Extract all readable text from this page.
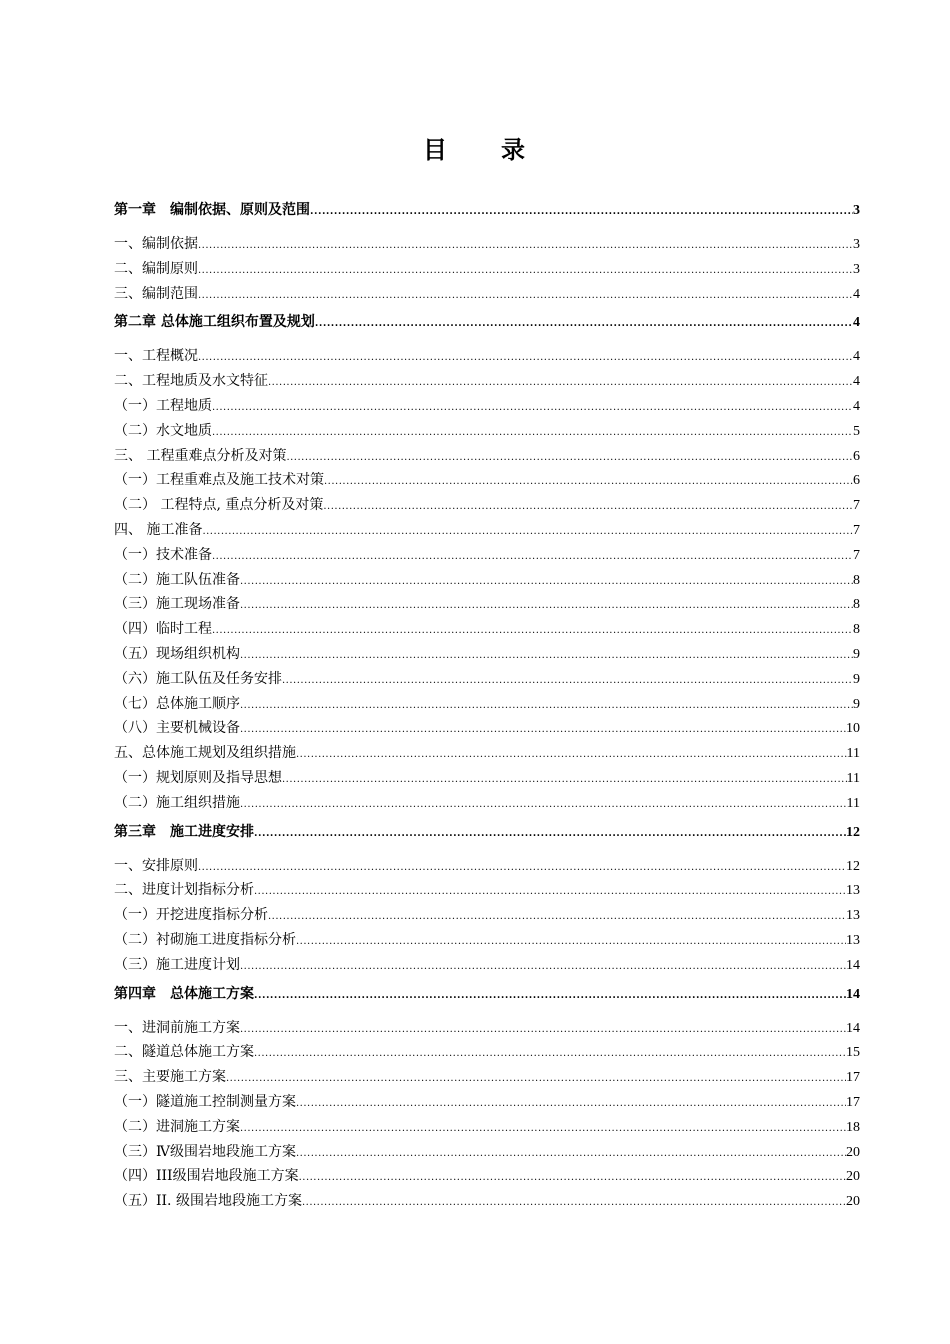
目　　录
第一章　编制依据、原则及范围 .....	3
一、编制依据 .....	3
二、编制原则 .....	3
三、编制范围 .....	4
第二章 总体施工组织布置及规划 .....	4
一、工程概况 .....	4
二、工程地质及水文特征 .....	4
（一）工程地质 .....	4
（二）水文地质 .....	5
三、 工程重难点分析及对策 .....	6
（一）工程重难点及施工技术对策 .....	6
（二） 工程特点, 重点分析及对策 .....	7
四、 施工准备 .....	7
（一）技术准备 .....	7
（二）施工队伍准备 .....	8
（三）施工现场准备 .....	8
（四）临时工程 .....	8
（五）现场组织机构 .....	9
（六）施工队伍及任务安排 .....	9
（七）总体施工顺序 .....	9
（八）主要机械设备 .....	10
五、总体施工规划及组织措施 .....	11
（一）规划原则及指导思想 .....	11
（二）施工组织措施 .....	11
第三章　施工进度安排 .....	12
一、安排原则 .....	12
二、进度计划指标分析 .....	13
（一）开挖进度指标分析 .....	13
（二）衬砌施工进度指标分析 .....	13
（三）施工进度计划 .....	14
第四章　总体施工方案 .....	14
一、进洞前施工方案 .....	14
二、隧道总体施工方案 .....	15
三、主要施工方案 .....	17
（一）隧道施工控制测量方案 .....	17
（二）进洞施工方案 .....	18
（三）Ⅳ级围岩地段施工方案 .....	20
（四）III级围岩地段施工方案 .....	20
（五）II. 级围岩地段施工方案 .....	20
